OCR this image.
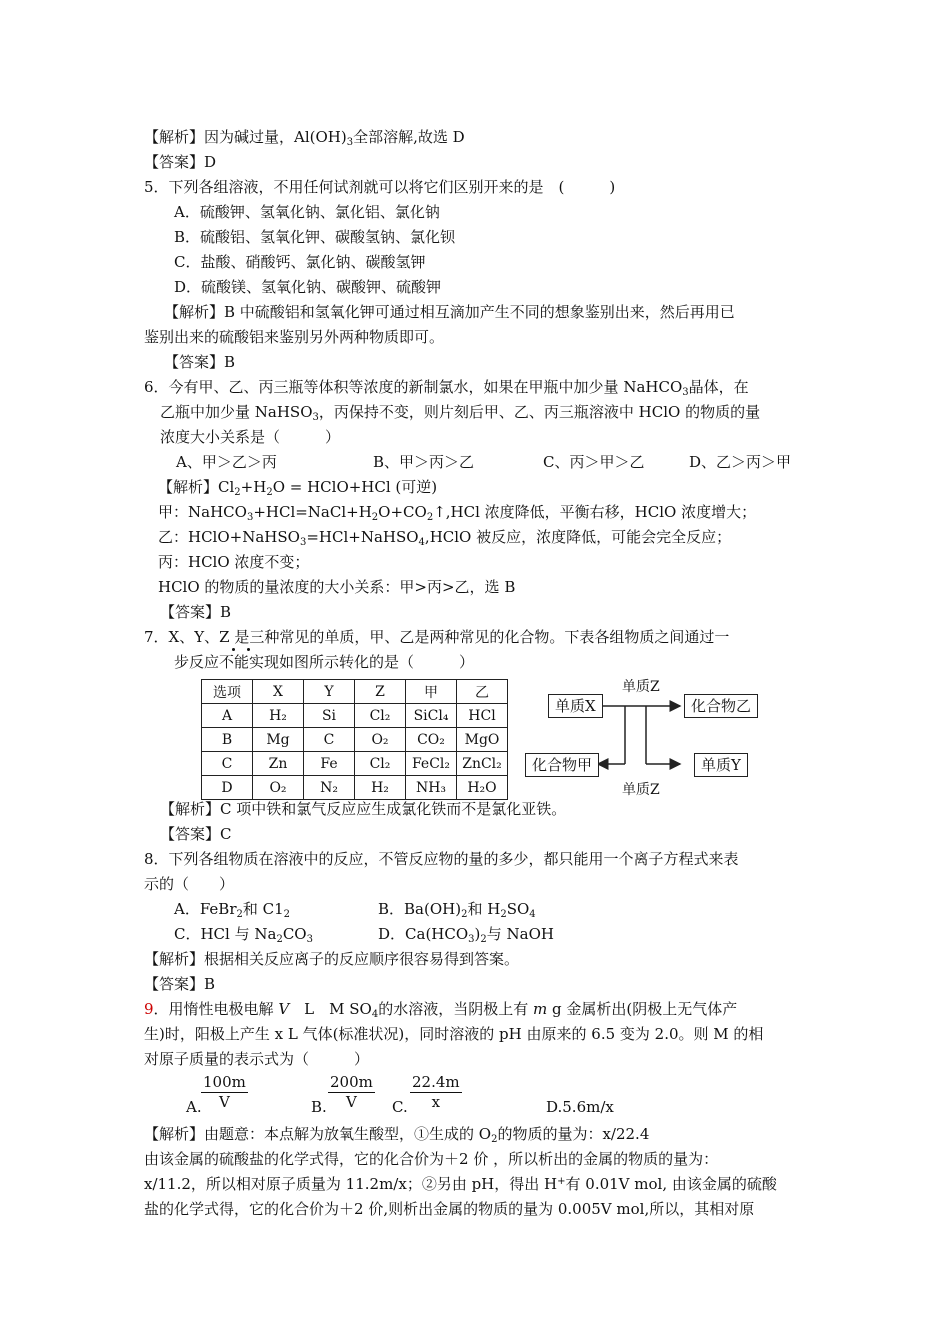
【解析】因为碱过量，$Al(OH)_3$全部溶解,故选 D
【答案】D
5．下列各组溶液，不用任何试剂就可以将它们区别开来的是　(　　　)
A．硫酸钾、氢氧化钠、氯化铝、氯化钠
B．硫酸铝、氢氧化钾、碳酸氢钠、氯化钡
C．盐酸、硝酸钙、氯化钠、碳酸氢钾
D．硫酸镁、氢氧化钠、碳酸钾、硫酸钾
【解析】B 中硫酸铝和氢氧化钾可通过相互滴加产生不同的想象鉴别出来，然后再用已
鉴别出来的硫酸铝来鉴别另外两种物质即可。
【答案】B
6．今有甲、乙、丙三瓶等体积等浓度的新制氯水，如果在甲瓶中加少量 NaHCO$_3$晶体，在
乙瓶中加少量 NaHSO$_3$，丙保持不变，则片刻后甲、乙、丙三瓶溶液中 HClO 的物质的量
浓度大小关系是（　　　）
A、甲＞乙＞丙	B、甲＞丙＞乙	C、丙＞甲＞乙	D、乙＞丙＞甲
【解析】$Cl_2+H_2O$ = HClO+HCl (可逆)
甲：$NaHCO_3+HCl=NaCl+H_2O+CO_2↑,HCl$ 浓度降低，平衡右移，HClO 浓度增大；
乙：HClO+NaHSO$_3$=HCl+NaHSO$_4$,HClO 被反应，浓度降低，可能会完全反应；
丙：HClO 浓度不变；
HClO 的物质的量浓度的大小关系：甲>丙>乙，选 B
【答案】B
7．X、Y、Z 是三种常见的单质，甲、乙是两种常见的化合物。下表各组物质之间通过一
步反应不能实现如图所示转化的是（　　　）
选项	X	Y	Z	甲	乙
A	H₂	Si	Cl₂	SiCl₄	HCl
B	Mg	C	O₂	CO₂	MgO
C	Zn	Fe	Cl₂	FeCl₂	ZnCl₂
D	O₂	N₂	H₂	NH₃	H₂O
单质Z
单质X	化合物乙
化合物甲	单质Y
单质Z
【解析】C 项中铁和氯气反应应生成氯化铁而不是氯化亚铁。
【答案】C
8．下列各组物质在溶液中的反应，不管反应物的量的多少，都只能用一个离子方程式来表
示的（　　）
A．FeBr$_2$和 $C1_2$	B．$Ba(OH)_2$和 $H_2SO_4$
C．HCl 与 $Na_2CO_3$	D．$Ca(HCO_3)_2$与 NaOH
【解析】根据相关反应离子的反应顺序很容易得到答案。
【答案】B
9．用惰性电极电解 V　L　M $SO_4$的水溶液，当阴极上有 m g 金属析出(阴极上无气体产
生)时，阳极上产生 x L 气体(标准状况)，同时溶液的 pH 由原来的 6.5 变为 2.0。则 M 的相
对原子质量的表示式为（　　　）
$\frac{100m}{V}$	$\frac{200m}{V} \frac{22.4m}{x}$
A.	B.	C.	D.5.6m/x
【解析】由题意：本点解为放氧生酸型，①生成的 $O_2$的物质的量为：x/22.4
由该金属的硫酸盐的化学式得，它的化合价为＋2 价 ，所以析出的金属的物质的量为：
x/11.2，所以相对原子质量为 11.2m/x；②另由 pH，得出 H+有 0.01V mol, 由该金属的硫酸
盐的化学式得，它的化合价为＋2 价,则析出金属的物质的量为 0.005V mol,所以，其相对原
